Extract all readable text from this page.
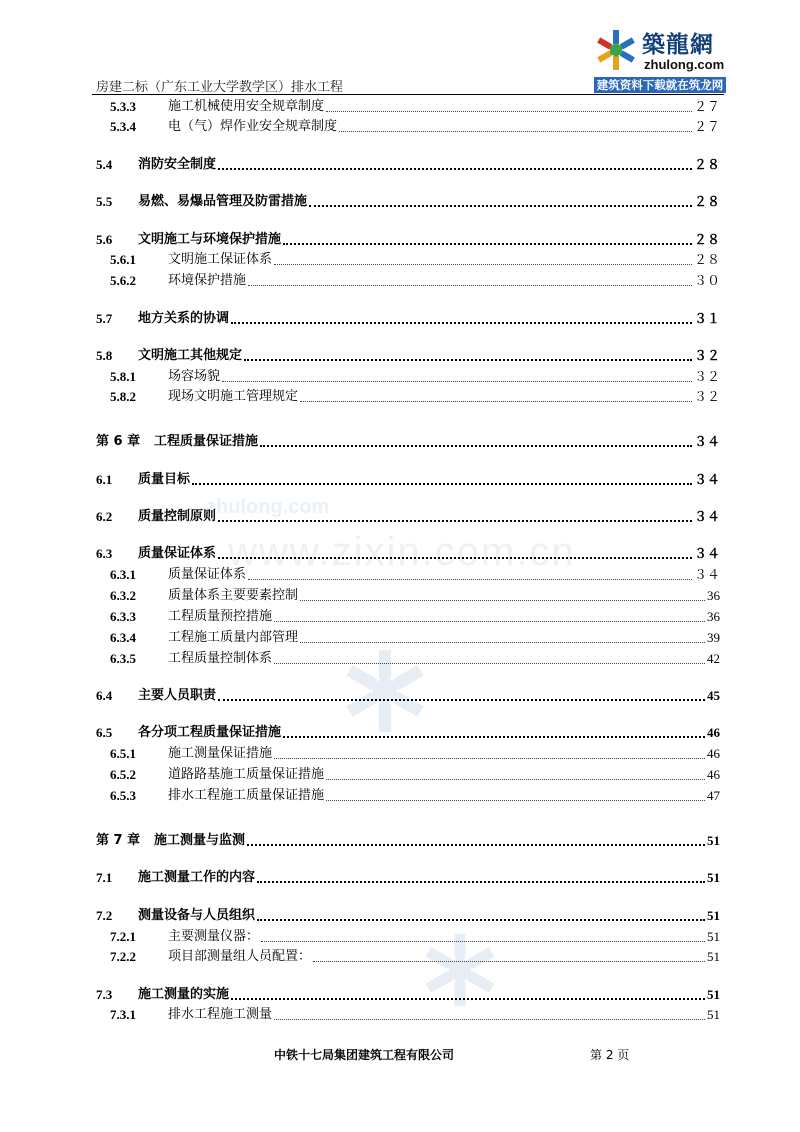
房建二标（广东工业大学教学区）排水工程
築龍網
zhulong.com
建筑资料下载就在筑龙网
zhulong.com
www.zixin.com.cn
5.3.3	施工机械使用安全规章制度	２７
5.3.4	电（气）焊作业安全规章制度	２７
5.4	消防安全制度	２８
5.5	易燃、易爆品管理及防雷措施	２８
5.6	文明施工与环境保护措施	２８
5.6.1	文明施工保证体系	２８
5.6.2	环境保护措施	３０
5.7	地方关系的协调	３１
5.8	文明施工其他规定	３２
5.8.1	场容场貌	３２
5.8.2	现场文明施工管理规定	３２
第 6 章	工程质量保证措施	３４
6.1	质量目标	３４
6.2	质量控制原则	３４
6.3	质量保证体系	３４
6.3.1	质量保证体系	３４
6.3.2	质量体系主要要素控制	36
6.3.3	工程质量预控措施	36
6.3.4	工程施工质量内部管理	39
6.3.5	工程质量控制体系	42
6.4	主要人员职责	45
6.5	各分项工程质量保证措施	46
6.5.1	施工测量保证措施	46
6.5.2	道路路基施工质量保证措施	46
6.5.3	排水工程施工质量保证措施	47
第 7 章	施工测量与监测	51
7.1	施工测量工作的内容	51
7.2	测量设备与人员组织	51
7.2.1	主要测量仪器：	51
7.2.2	项目部测量组人员配置：	51
7.3	施工测量的实施	51
7.3.1	排水工程施工测量	51
中铁十七局集团建筑工程有限公司	第 2 页
